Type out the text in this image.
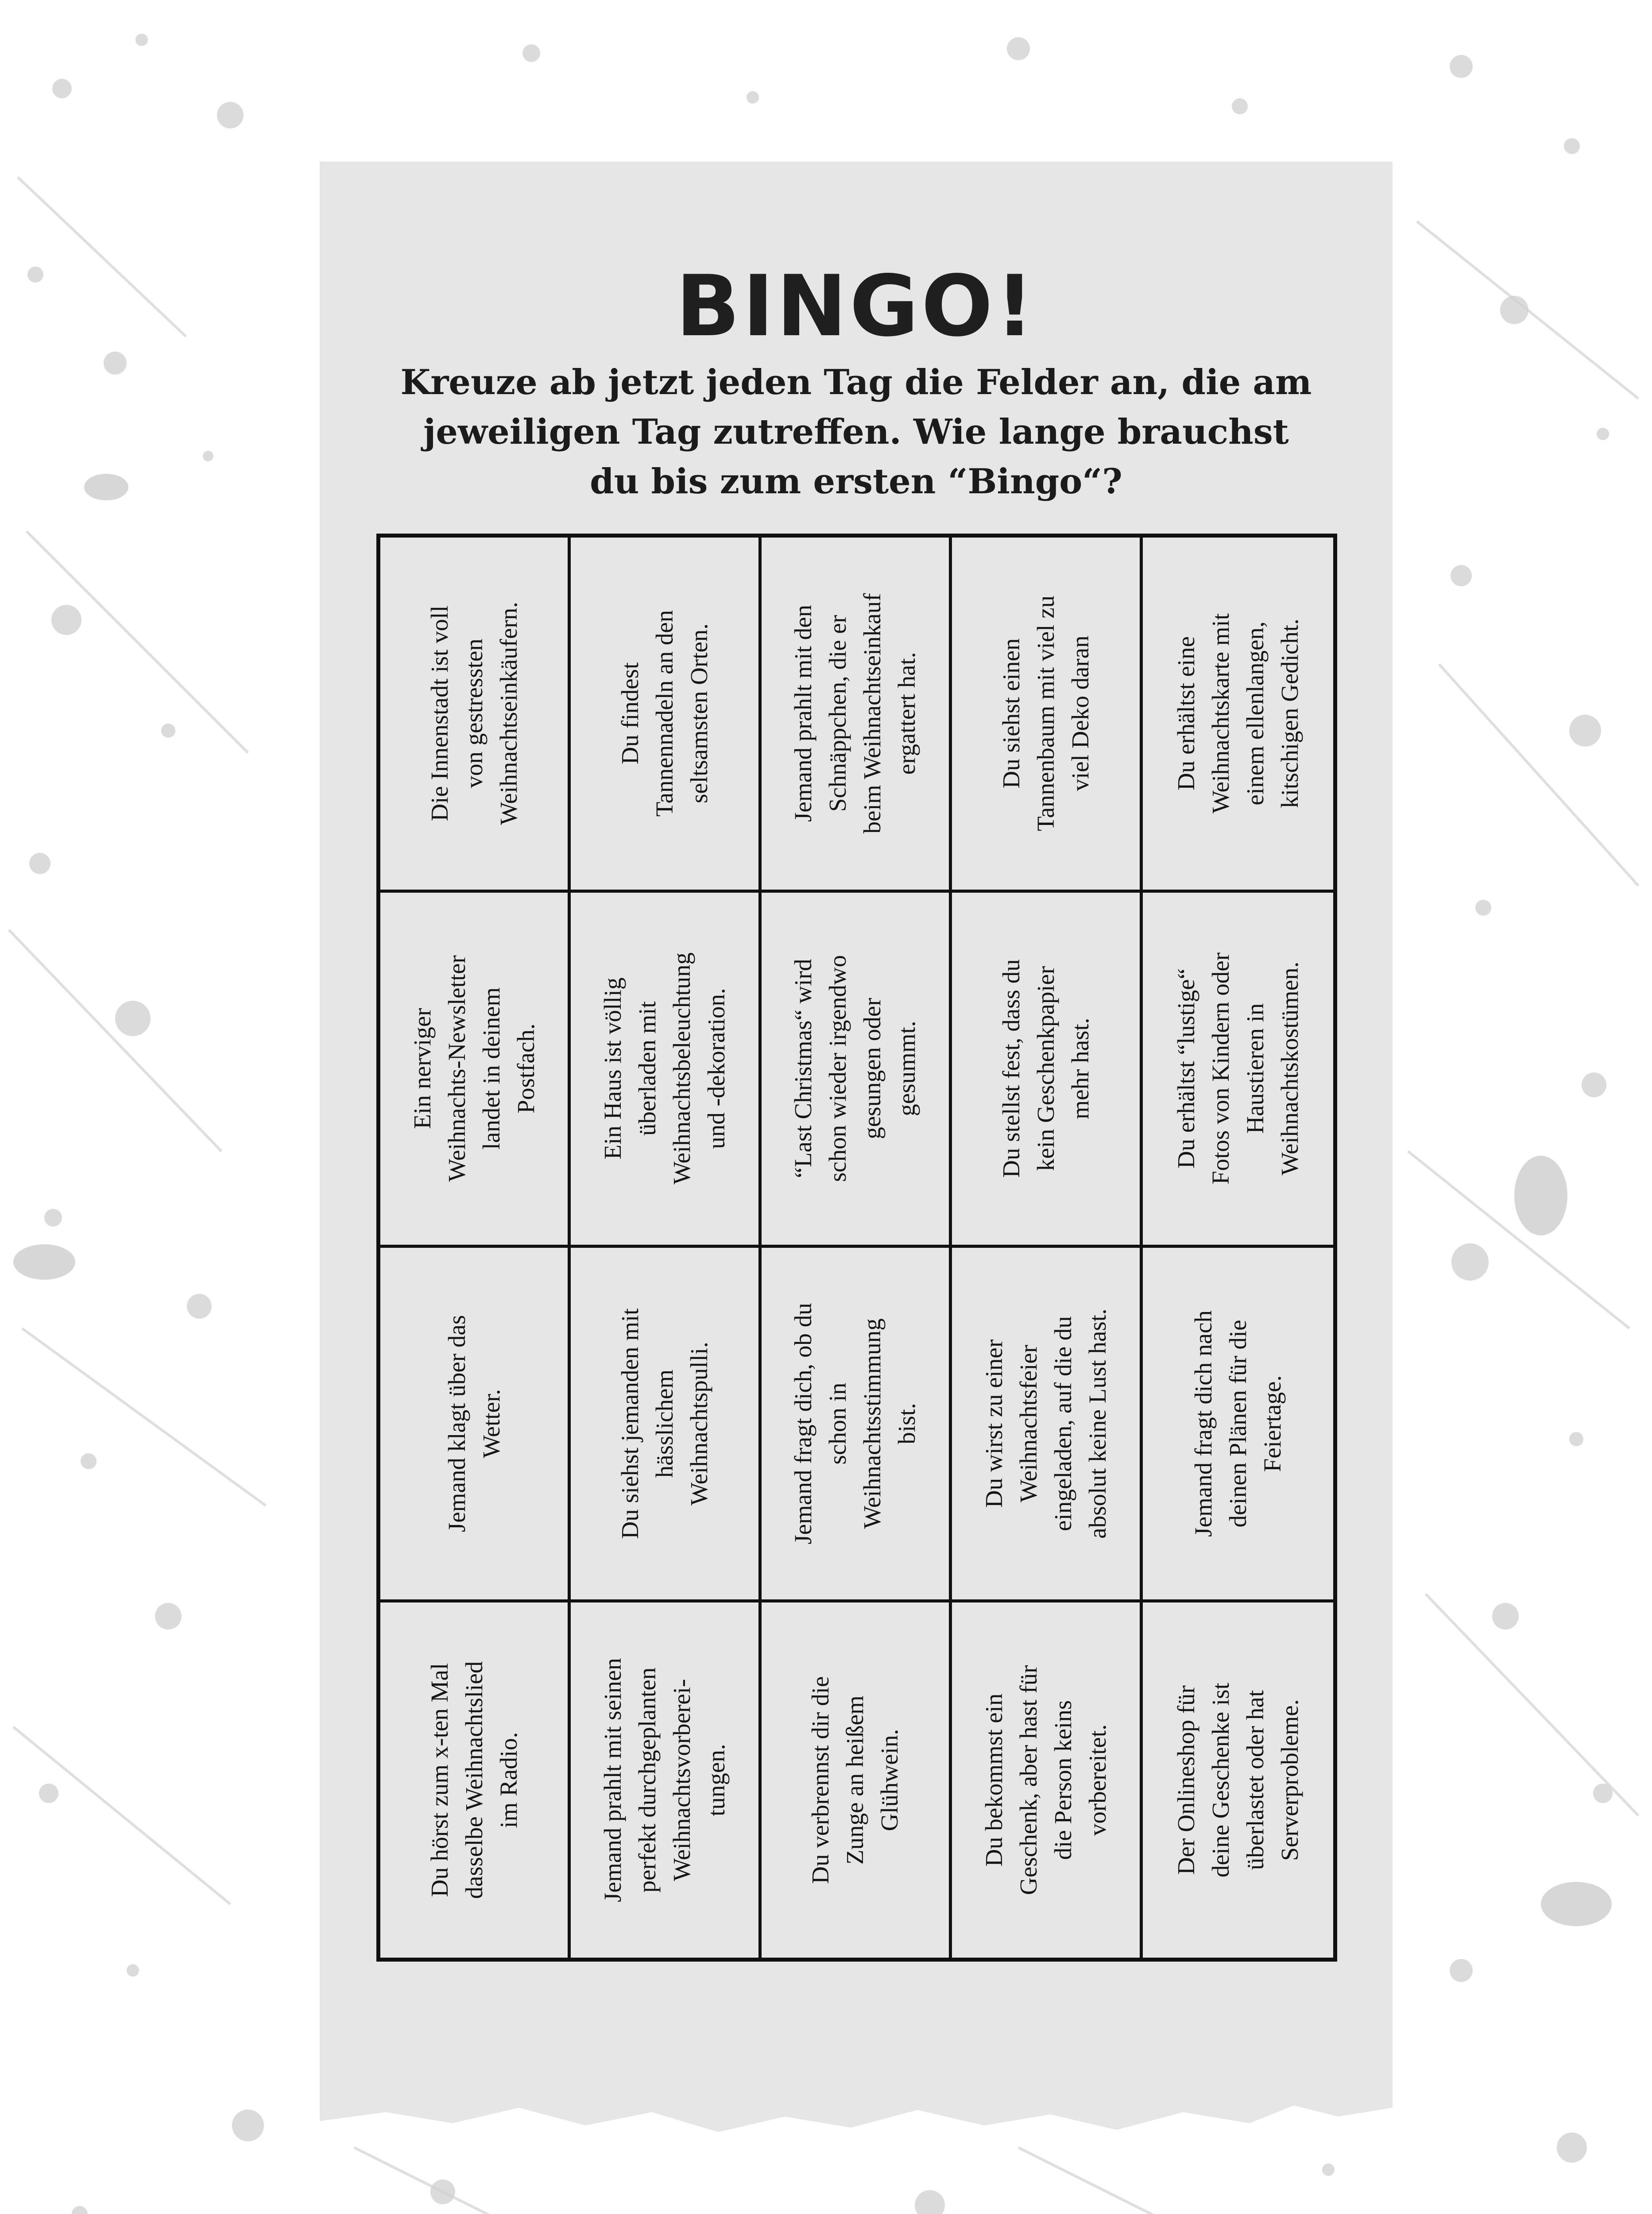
BINGO!

Kreuze ab jetzt jeden Tag die Felder an, die am jeweiligen Tag zutreffen. Wie lange brauchst du bis zum ersten “Bingo“?

Die Innenstadt ist voll
von gestressten
Weihnachtseinkäufern.	Du findest
Tannennadeln an den
seltsamsten Orten.
Jemand prahlt mit den
Schnäppchen, die er
beim Weihnachtseinkauf
ergattert hat.
Du siehst einen
Tannenbaum mit viel zu
viel Deko daran
Du erhältst eine
Weihnachtskarte mit
einem ellenlangen,
kitschigen Gedicht.
Ein nerviger
Weihnachts-Newsletter
landet in deinem
Postfach.
Ein Haus ist völlig
überladen mit
Weihnachtsbeleuchtung
und -dekoration.
“Last Christmas“ wird
schon wieder irgendwo
gesungen oder
gesummt.
Du stellst fest, dass du
kein Geschenkpapier
mehr hast.
Du erhältst “lustige“
Fotos von Kindern oder
Haustieren in
Weihnachtskostümen.
Jemand klagt über das
Wetter.
Du siehst jemanden mit
hässlichem
Weihnachtspulli.
Jemand fragt dich, ob du
schon in
Weihnachtsstimmung
bist.
Du wirst zu einer
Weihnachtsfeier
eingeladen, auf die du
absolut keine Lust hast.
Jemand fragt dich nach
deinen Plänen für die
Feiertage.
Du hörst zum x-ten Mal
dasselbe Weihnachtslied
im Radio.
Jemand prahlt mit seinen
perfekt durchgeplanten
Weihnachtsvorberei-
tungen.
Du verbrennst dir die
Zunge an heißem
Glühwein.
Du bekommst ein
Geschenk, aber hast für
die Person keins
vorbereitet.
Der Onlineshop für
deine Geschenke ist
überlastet oder hat
Serverprobleme.
